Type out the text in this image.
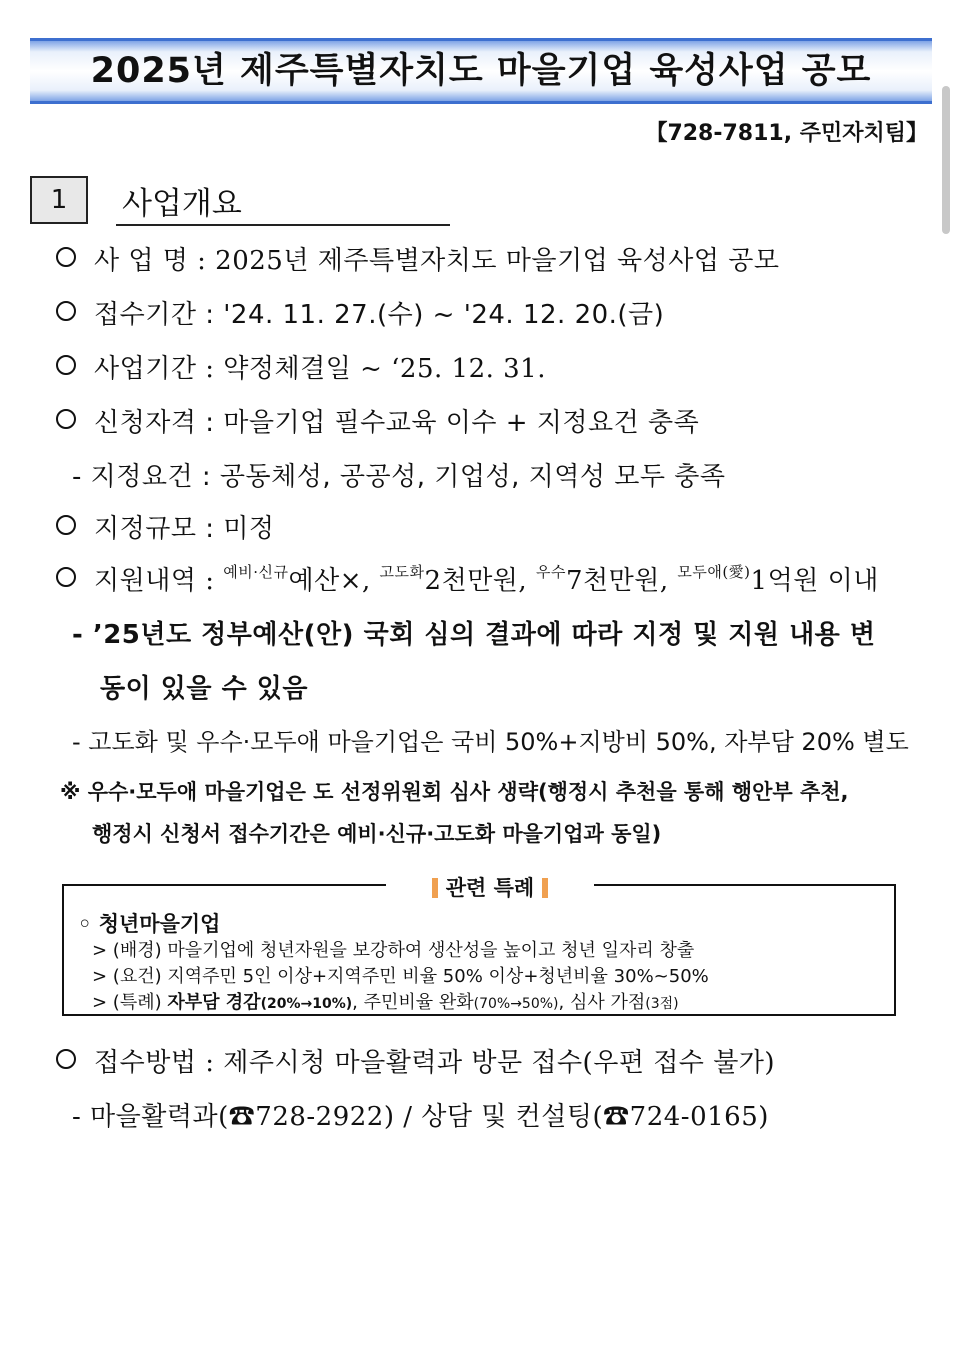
2025년 제주특별자치도 마을기업 육성사업 공모
【728-7811, 주민자치팀】
1	사업개요
사 업 명 : 2025년 제주특별자치도 마을기업 육성사업 공모
접수기간 : '24. 11. 27.(수) ~ '24. 12. 20.(금)
사업기간 : 약정체결일 ~ ‘25. 12. 31.
신청자격 : 마을기업 필수교육 이수 + 지정요건 충족
- 지정요건 : 공동체성, 공공성, 기업성, 지역성 모두 충족
지정규모 : 미정
지원내역 : $^{예비\cdot 신규}$예산×, $^{고도화}$2천만원, $^{우수}$7천만원, $^{모두애(愛)}$1억원 이내
- ’25년도 정부예산(안) 국회 심의 결과에 따라 지정 및 지원 내용 변
동이 있을 수 있음
- 고도화 및 우수·모두애 마을기업은 국비 50%+지방비 50%, 자부담 20% 별도
※ 우수·모두애 마을기업은 도 선정위원회 심사 생략(행정시 추천을 통해 행안부 추천,
행정시 신청서 접수기간은 예비·신규·고도화 마을기업과 동일)
관련 특례
◦ 청년마을기업
> (배경) 마을기업에 청년자원을 보강하여 생산성을 높이고 청년 일자리 창출
> (요건) 지역주민 5인 이상+지역주민 비율 50% 이상+청년비율 30%~50%
> (특례) 자부담 경감(20%→10%), 주민비율 완화(70%→50%), 심사 가점(3점)
접수방법 : 제주시청 마을활력과 방문 접수(우편 접수 불가)
- 마을활력과(☎728-2922) / 상담 및 컨설팅(☎724-0165)
